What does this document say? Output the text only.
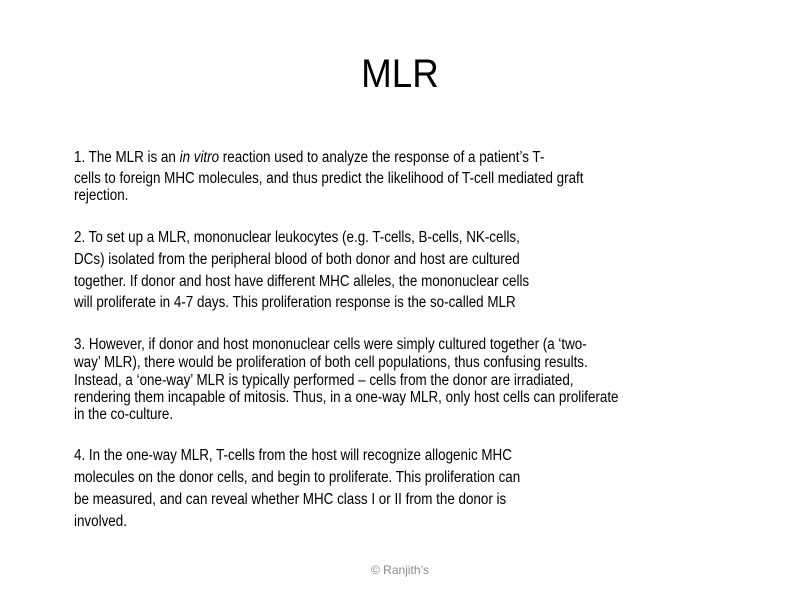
MLR
1. The MLR is an in vitro reaction used to analyze the response of a patient’s T-
cells to foreign MHC molecules, and thus predict the likelihood of T-cell mediated graft
rejection.
2. To set up a MLR, mononuclear leukocytes (e.g. T-cells, B-cells, NK-cells,
DCs) isolated from the peripheral blood of both donor and host are cultured
together. If donor and host have different MHC alleles, the mononuclear cells
will proliferate in 4-7 days. This proliferation response is the so-called MLR
3. However, if donor and host mononuclear cells were simply cultured together (a ‘two-
way’ MLR), there would be proliferation of both cell populations, thus confusing results.
Instead, a ‘one-way’ MLR is typically performed – cells from the donor are irradiated,
rendering them incapable of mitosis. Thus, in a one-way MLR, only host cells can proliferate
in the co-culture.
4. In the one-way MLR, T-cells from the host will recognize allogenic MHC
molecules on the donor cells, and begin to proliferate. This proliferation can
be measured, and can reveal whether MHC class I or II from the donor is
involved.
© Ranjith’s
